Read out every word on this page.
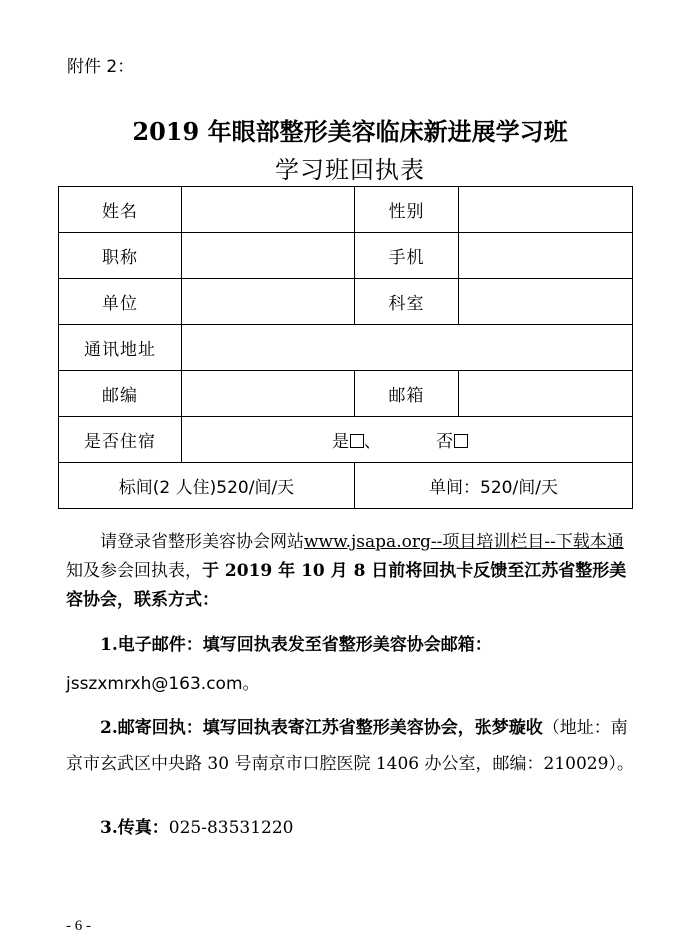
附件 2：
2019 年眼部整形美容临床新进展学习班
学习班回执表
姓名		性别	
职称		手机	
单位		科室	
通讯地址			
邮编		邮箱	
是否住宿	是 、 否		
标间(2 人住)520/间/天		单间：520/间/天	
请登录省整形美容协会网站www.jsapa.org--项目培训栏目--下载本通知及参会回执表，于 2019 年 10 月 8 日前将回执卡反馈至江苏省整形美容协会，联系方式：
1.电子邮件：填写回执表发至省整形美容协会邮箱：
jsszxmrxh@163.com。
2.邮寄回执：填写回执表寄江苏省整形美容协会，张梦璇收（地址：南京市玄武区中央路 30 号南京市口腔医院 1406 办公室，邮编：210029）。
3.传真：025-83531220
- 6 -
